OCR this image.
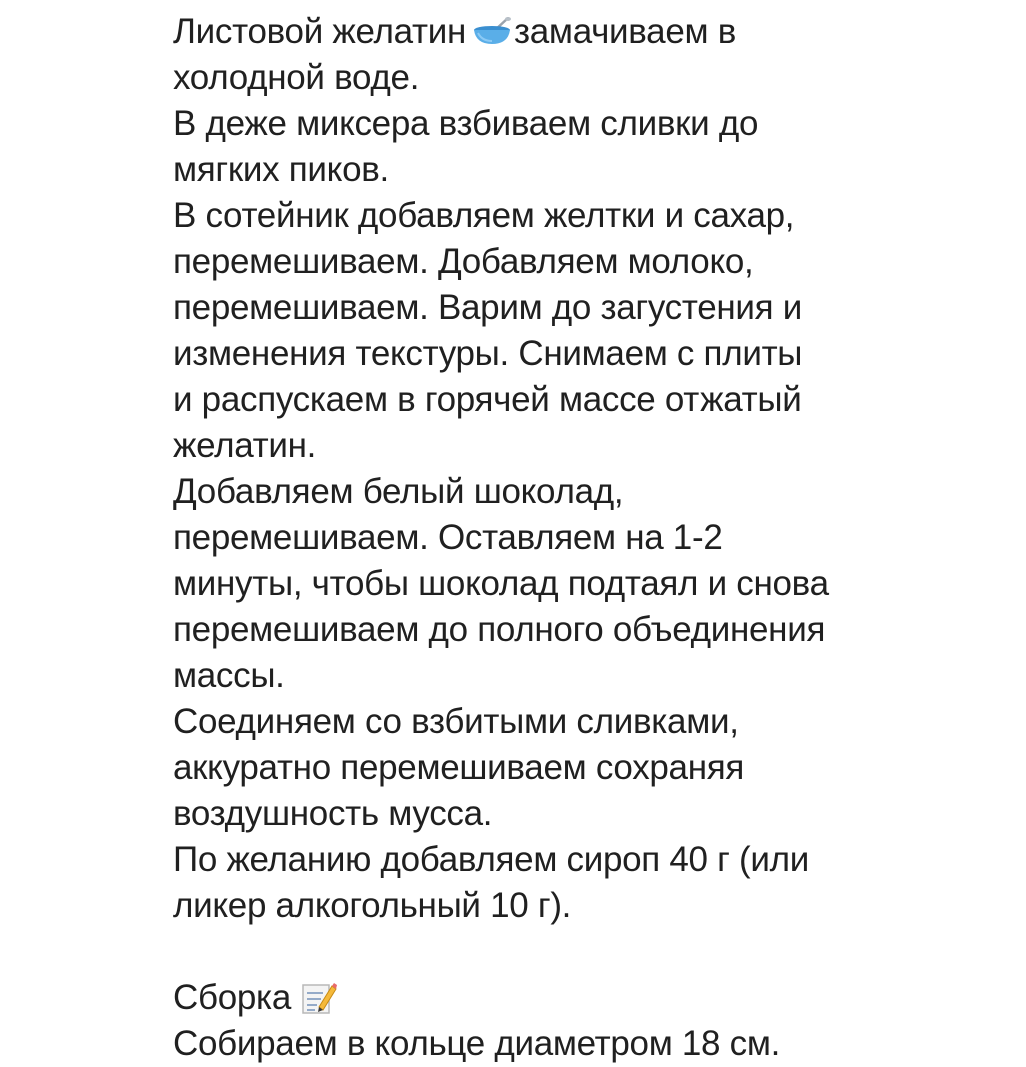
Листовой желатин замачиваем в
холодной воде.
В деже миксера взбиваем сливки до
мягких пиков.
В сотейник добавляем желтки и сахар,
перемешиваем. Добавляем молоко,
перемешиваем. Варим до загустения и
изменения текстуры. Снимаем с плиты
и распускаем в горячей массе отжатый
желатин.
Добавляем белый шоколад,
перемешиваем. Оставляем на 1-2
минуты, чтобы шоколад подтаял и снова
перемешиваем до полного объединения
массы.
Соединяем со взбитыми сливками,
аккуратно перемешиваем сохраняя
воздушность мусса.
По желанию добавляем сироп 40 г (или
ликер алкогольный 10 г).
Сборка
Собираем в кольце диаметром 18 см.
